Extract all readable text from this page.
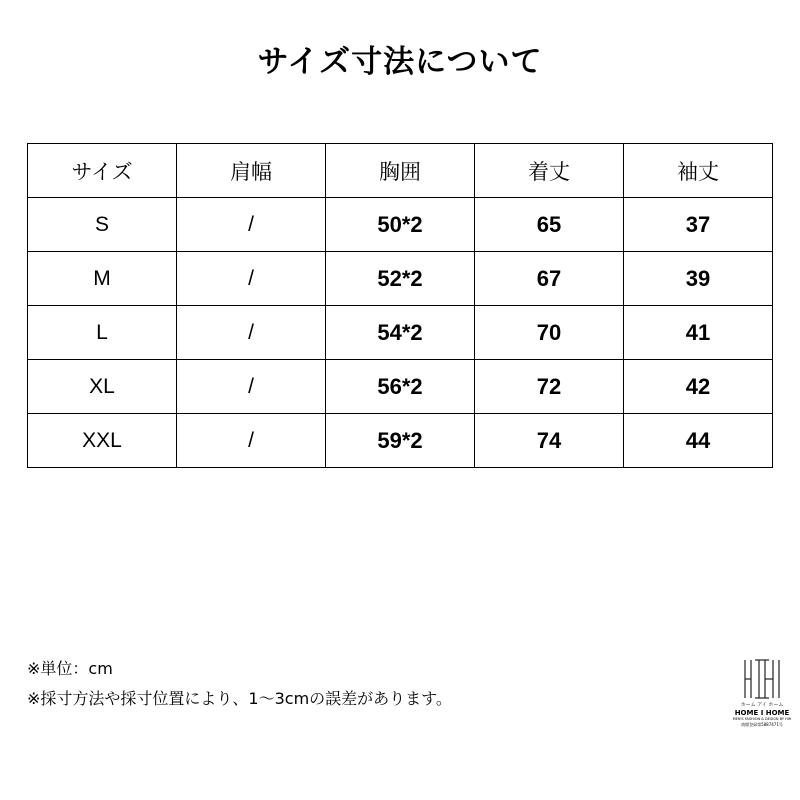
サイズ寸法について
サイズ	肩幅	胸囲	着丈	袖丈
S	/	50*2	65	37
M	/	52*2	67	39
L	/	54*2	70	41
XL	/	56*2	72	42
XXL	/	59*2	74	44
※単位：cm
※採寸方法や採寸位置により、1～3cmの誤差があります。	ホーム アイ ホーム
HOME I HOME
MEN'S FASHION & DESIGN BY HIH
商標登録第5887471号
